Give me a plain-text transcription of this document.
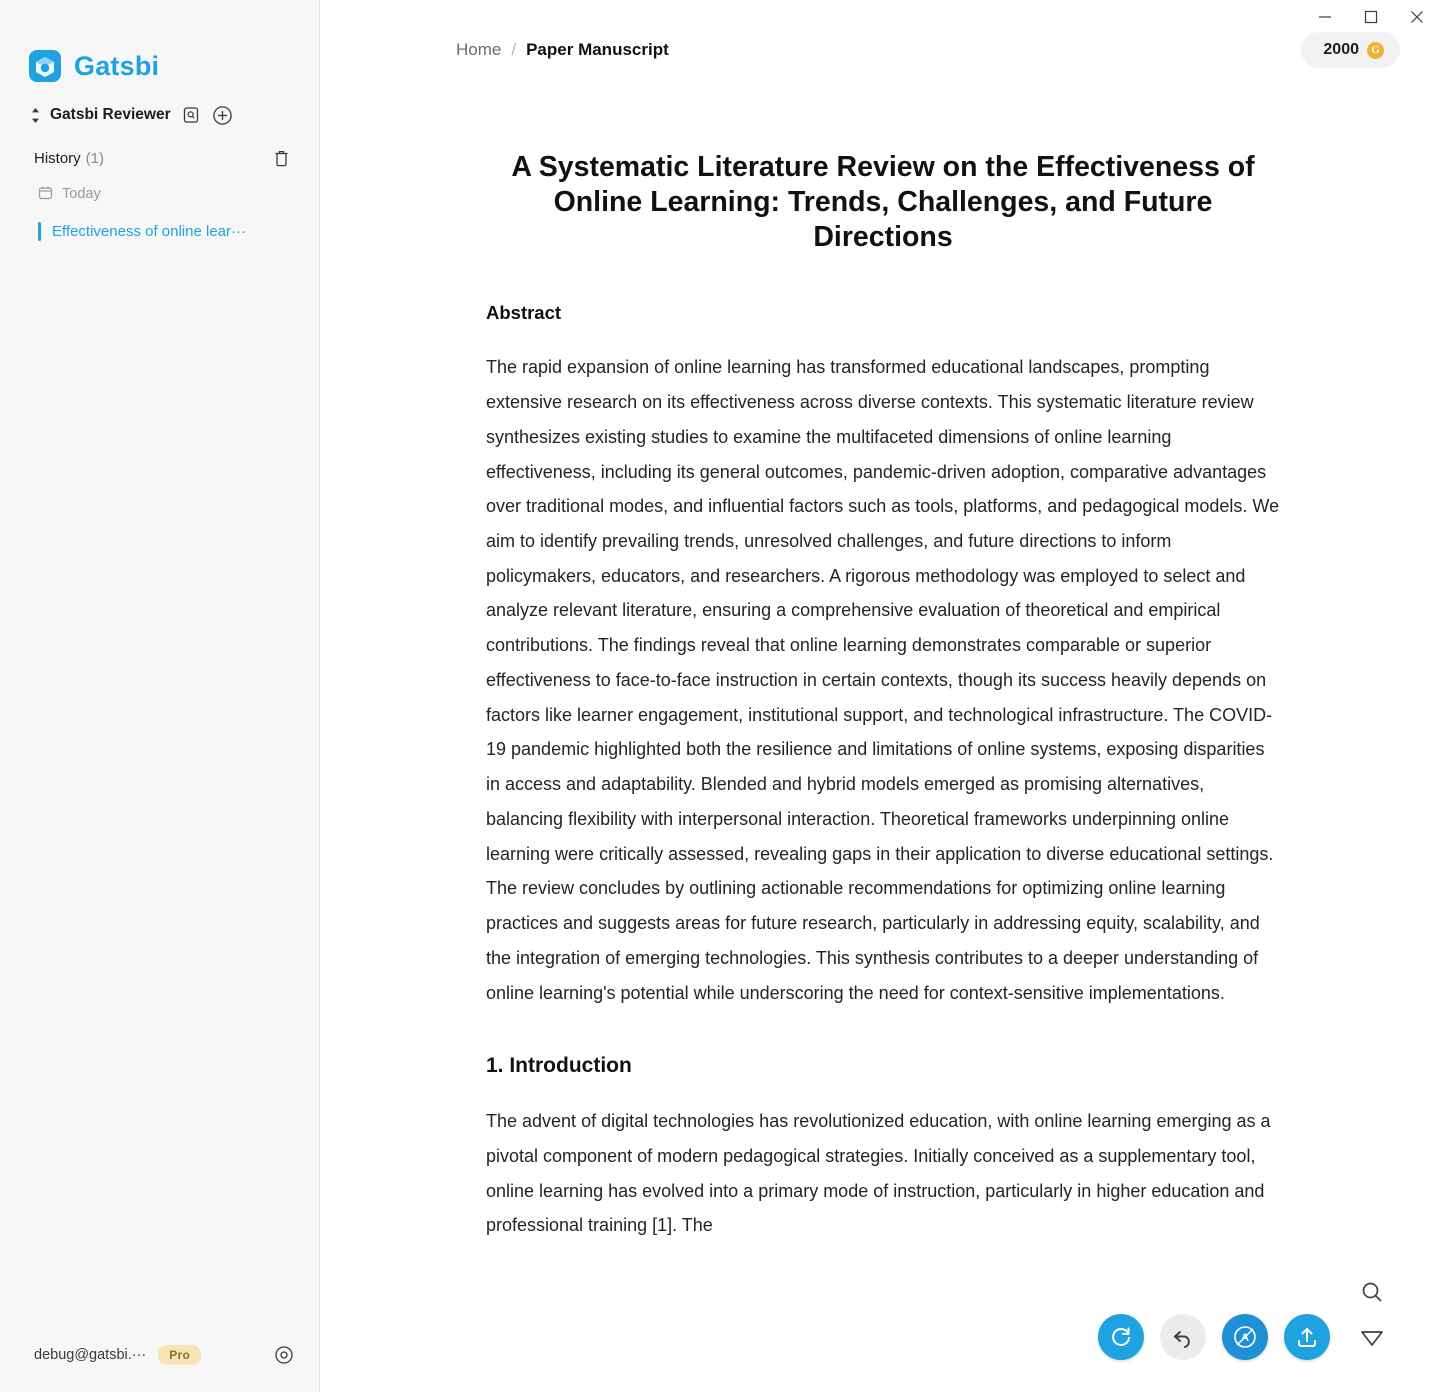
Gatsbi
Gatsbi Reviewer
History (1)
Today
Effectiveness of online lear···
debug@gatsbi.···	Pro
Home / Paper Manuscript	2000	G
A Systematic Literature Review on the Effectiveness of Online Learning: Trends, Challenges, and Future Directions
Abstract

The rapid expansion of online learning has transformed educational landscapes, prompting extensive research on its effectiveness across diverse contexts. This systematic literature review synthesizes existing studies to examine the multifaceted dimensions of online learning effectiveness, including its general outcomes, pandemic-driven adoption, comparative advantages over traditional modes, and influential factors such as tools, platforms, and pedagogical models. We aim to identify prevailing trends, unresolved challenges, and future directions to inform policymakers, educators, and researchers. A rigorous methodology was employed to select and analyze relevant literature, ensuring a comprehensive evaluation of theoretical and empirical contributions. The findings reveal that online learning demonstrates comparable or superior effectiveness to face-to-face instruction in certain contexts, though its success heavily depends on factors like learner engagement, institutional support, and technological infrastructure. The COVID-19 pandemic highlighted both the resilience and limitations of online systems, exposing disparities in access and adaptability. Blended and hybrid models emerged as promising alternatives, balancing flexibility with interpersonal interaction. Theoretical frameworks underpinning online learning were critically assessed, revealing gaps in their application to diverse educational settings. The review concludes by outlining actionable recommendations for optimizing online learning practices and suggests areas for future research, particularly in addressing equity, scalability, and the integration of emerging technologies. This synthesis contributes to a deeper understanding of online learning's potential while underscoring the need for context-sensitive implementations.

1. Introduction

The advent of digital technologies has revolutionized education, with online learning emerging as a pivotal component of modern pedagogical strategies. Initially conceived as a supplementary tool, online learning has evolved into a primary mode of instruction, particularly in higher education and professional training [1]. The

A
